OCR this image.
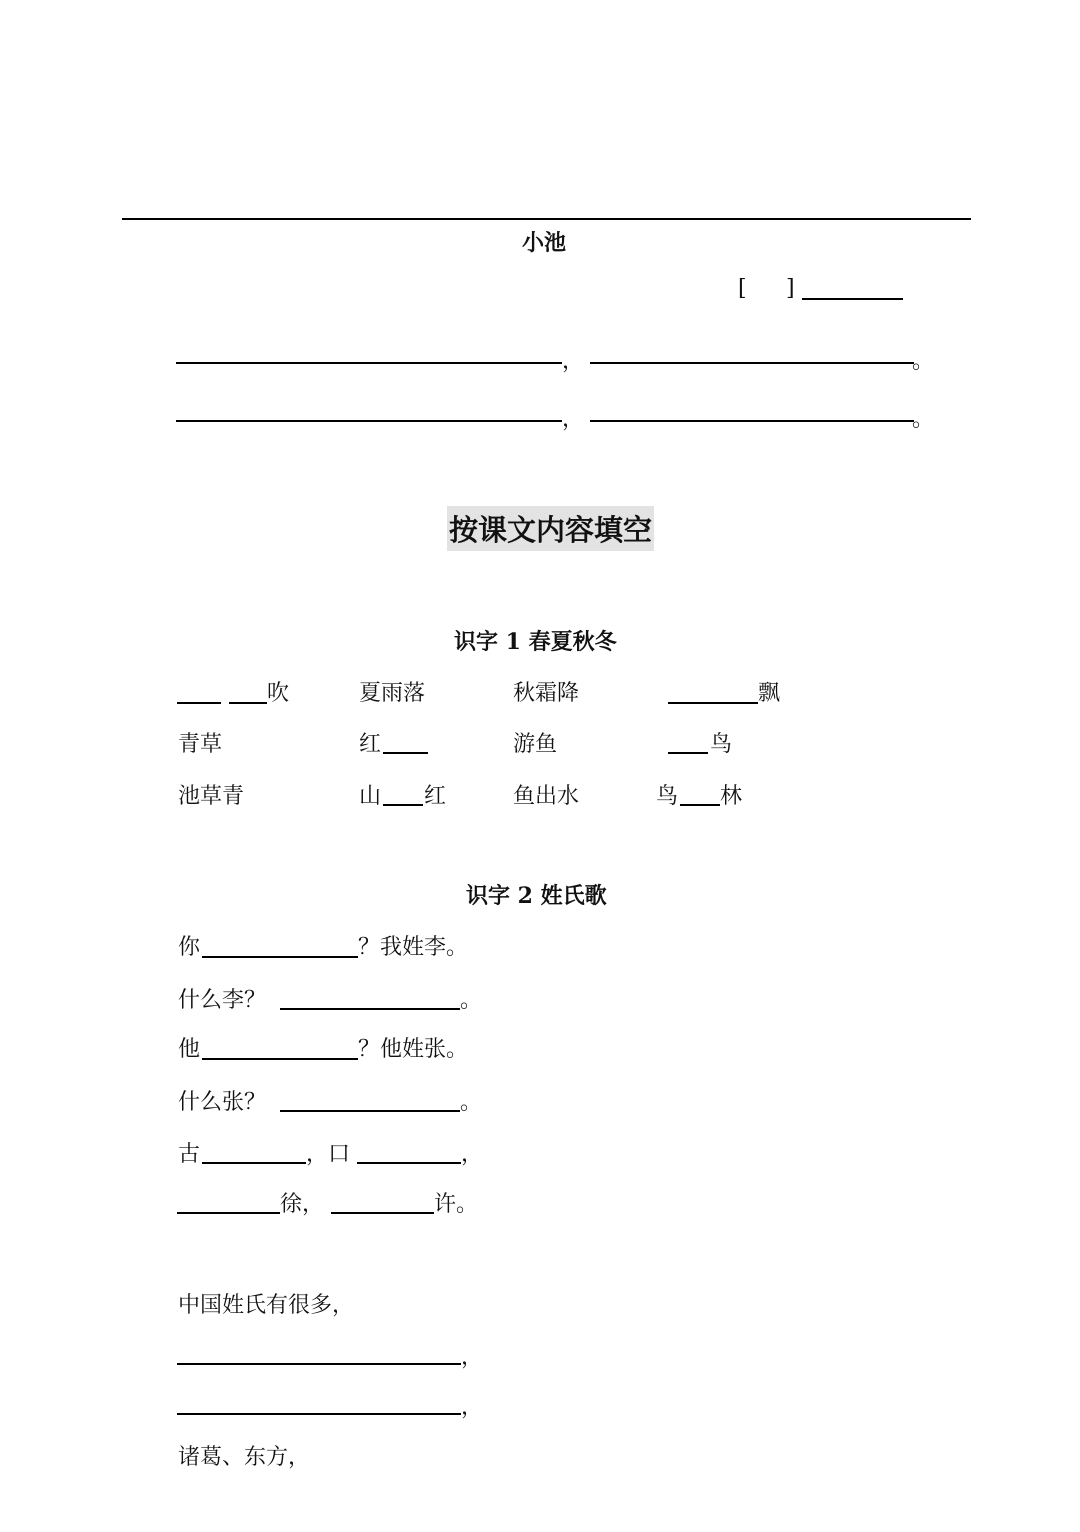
小池
[ ]
，	。
，	。
按课文内容填空
识字 1 春夏秋冬
吹	夏雨落	秋霜降	飘
青草	红	游鱼	鸟
池草青	山 红	鱼出水	鸟 林
识字 2 姓氏歌
你	？我姓李。
什么李？	。
他	？他姓张。
什么张？	。
古	，口	，
徐，	许。
中国姓氏有很多，
，
，
诸葛、东方，
